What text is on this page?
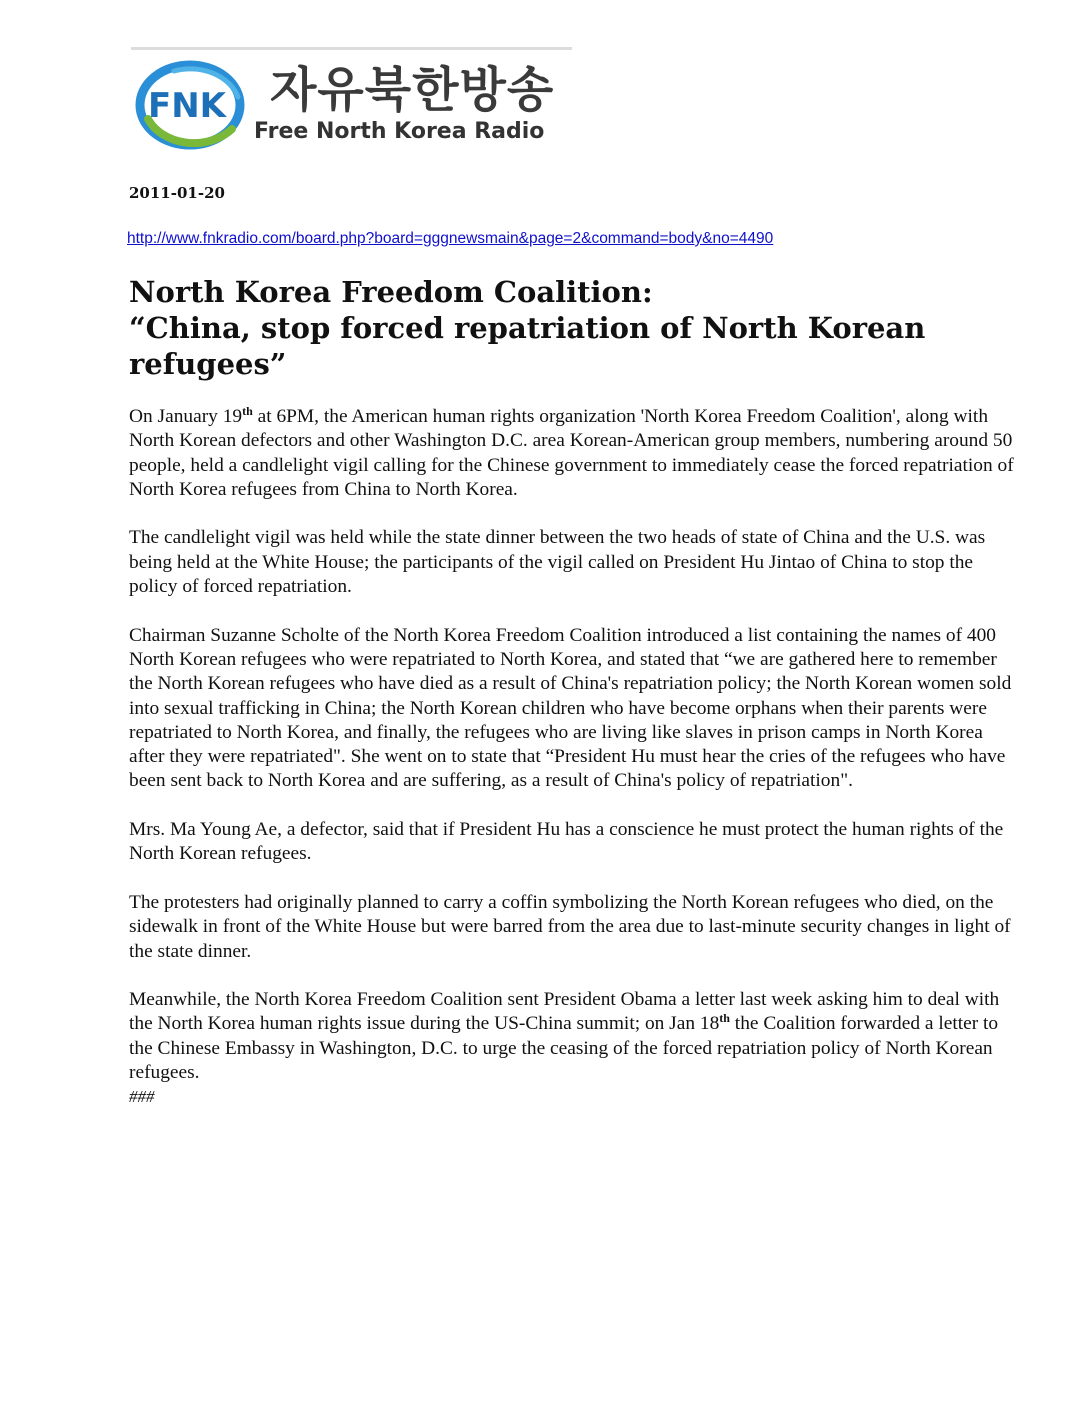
FNK 자유북한방송
Free North Korea Radio
2011-01-20
http://www.fnkradio.com/board.php?board=gggnewsmain&page=2&command=body&no=4490
North Korea Freedom Coalition:
“China, stop forced repatriation of North Korean
refugees”

On January 19th at 6PM, the American human rights organization 'North Korea Freedom Coalition', along with North Korean defectors and other Washington D.C. area Korean-American group members, numbering around 50 people, held a candlelight vigil calling for the Chinese government to immediately cease the forced repatriation of North Korea refugees from China to North Korea.

The candlelight vigil was held while the state dinner between the two heads of state of China and the U.S. was being held at the White House; the participants of the vigil called on President Hu Jintao of China to stop the policy of forced repatriation.

Chairman Suzanne Scholte of the North Korea Freedom Coalition introduced a list containing the names of 400 North Korean refugees who were repatriated to North Korea, and stated that “we are gathered here to remember the North Korean refugees who have died as a result of China's repatriation policy; the North Korean women sold into sexual trafficking in China; the North Korean children who have become orphans when their parents were repatriated to North Korea, and finally, the refugees who are living like slaves in prison camps in North Korea after they were repatriated". She went on to state that “President Hu must hear the cries of the refugees who have been sent back to North Korea and are suffering, as a result of China's policy of repatriation".

Mrs. Ma Young Ae, a defector, said that if President Hu has a conscience he must protect the human rights of the North Korean refugees.

The protesters had originally planned to carry a coffin symbolizing the North Korean refugees who died, on the sidewalk in front of the White House but were barred from the area due to last-minute security changes in light of the state dinner.

Meanwhile, the North Korea Freedom Coalition sent President Obama a letter last week asking him to deal with the North Korea human rights issue during the US-China summit; on Jan 18th the Coalition forwarded a letter to the Chinese Embassy in Washington, D.C. to urge the ceasing of the forced repatriation policy of North Korean refugees.

###
